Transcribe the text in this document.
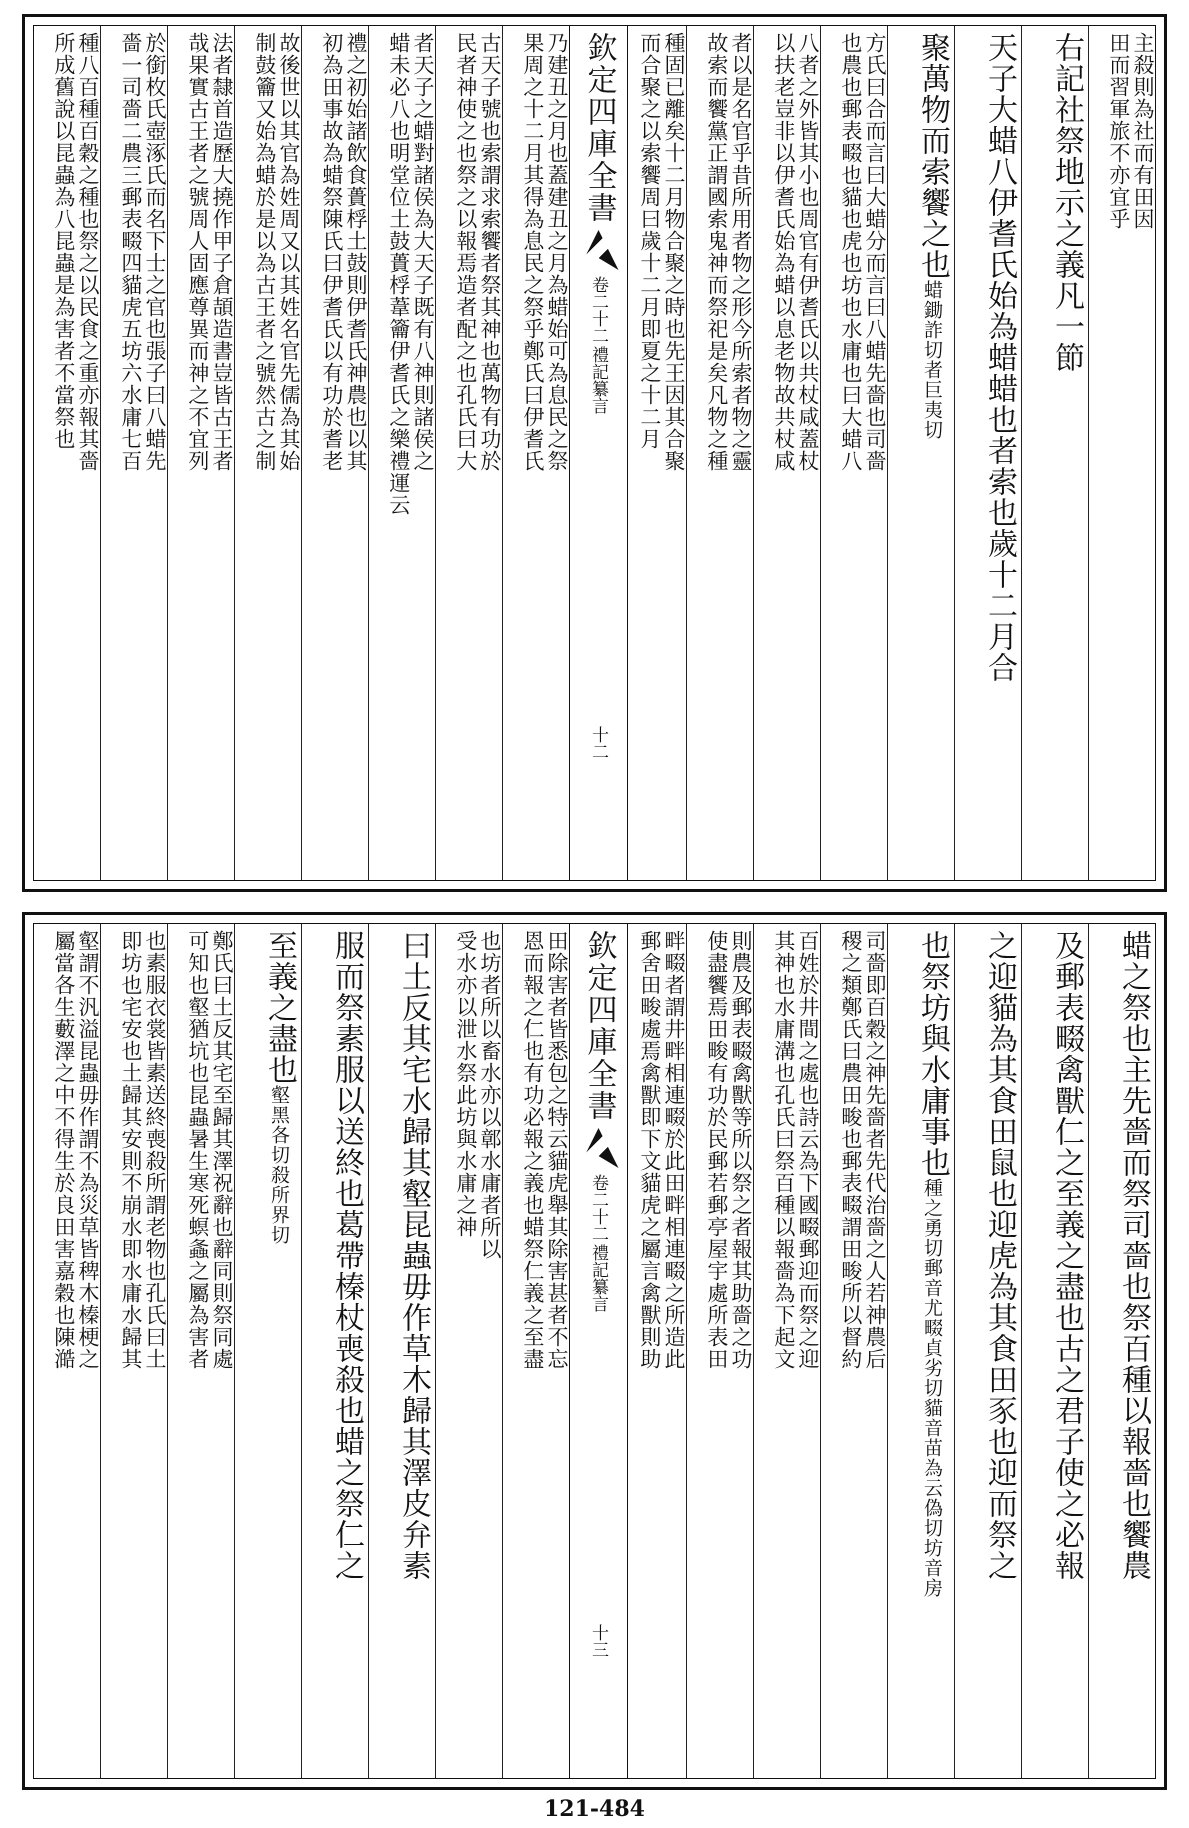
主殺則為社而有田因
田而習軍旅不亦宜乎
右記社祭地示之義凡一節
天子大蜡八伊耆氏始為蜡蜡也者索也歲十二月合
聚萬物而索饗之也蜡鋤詐切者巨夷切
方氏曰合而言曰大蜡分而言曰八蜡先嗇也司嗇
也農也郵表畷也貓也虎也坊也水庸也曰大蜡八
八者之外皆其小也周官有伊耆氏以共杖咸蓋杖
以扶老豈非以伊耆氏始為蜡以息老物故共杖咸
者以是名官乎昔所用者物之形今所索者物之靈
故索而饗黨正謂國索鬼神而祭祀是矣凡物之種
種固已離矣十二月物合聚之時也先王因其合聚
而合聚之以索饗周曰歲十二月即夏之十二月
欽定四庫全書
禮記纂言
卷二十二
十二
乃建丑之月也蓋建丑之月為蜡始可為息民之祭
果周之十二月其得為息民之祭乎鄭氏曰伊耆氏
古天子號也索謂求索饗者祭其神也萬物有功於
民者神使之也祭之以報焉造者配之也孔氏曰大
者天子之蜡對諸侯為大天子既有八神則諸侯之
蜡未必八也明堂位土鼓蕢桴葦籥伊耆氏之樂禮運云
禮之初始諸飲食蕢桴土鼓則伊耆氏神農也以其
初為田事故為蜡祭陳氏曰伊耆氏以有功於耆老
故後世以其官為姓周又以其姓名官先儒為其始
制鼓籥又始為蜡於是以為古王者之號然古之制
法者隸首造歷大撓作甲子倉頡造書豈皆古王者
哉果實古王者之號周人固應尊異而神之不宜列
於銜枚氏壺涿氏而名下士之官也張子曰八蜡先
嗇一司嗇二農三郵表畷四貓虎五坊六水庸七百
種八百種百穀之種也祭之以民食之重亦報其嗇
所成舊說以昆蟲為八昆蟲是為害者不當祭也
蜡之祭也主先嗇而祭司嗇也祭百種以報嗇也饗農
及郵表畷禽獸仁之至義之盡也古之君子使之必報
之迎貓為其食田鼠也迎虎為其食田豕也迎而祭之
也祭坊與水庸事也種之勇切郵音尤畷貞劣切貓音苗為云偽切坊音房
司嗇即百穀之神先嗇者先代治嗇之人若神農后
稷之類鄭氏曰農田畯也郵表畷謂田畯所以督約
百姓於井間之處也詩云為下國畷郵迎而祭之迎
其神也水庸溝也孔氏曰祭百種以報嗇為下起文
則農及郵表畷禽獸等所以祭之者報其助嗇之功
使盡饗焉田畯有功於民郵若郵亭屋宇處所表田
畔畷者謂井畔相連畷於此田畔相連畷之所造此
郵舍田畯處焉禽獸即下文貓虎之屬言禽獸則助
欽定四庫全書
禮記纂言
卷二十二
十三
田除害者皆悉包之特云貓虎舉其除害甚者不忘
恩而報之仁也有功必報之義也蜡祭仁義之至盡
也坊者所以畜水亦以鄣水庸者所以
受水亦以泄水祭此坊與水庸之神
曰土反其宅水歸其壑昆蟲毋作草木歸其澤皮弁素
服而祭素服以送終也葛帶榛杖喪殺也蜡之祭仁之
至義之盡也壑黑各切殺所界切
鄭氏曰土反其宅至歸其澤祝辭也辭同則祭同處
可知也壑猶坑也昆蟲暑生寒死螟螽之屬為害者
也素服衣裳皆素送終喪殺所謂老物也孔氏曰土
即坊也宅安也土歸其安則不崩水即水庸水歸其
壑謂不汎溢昆蟲毋作謂不為災草皆稗木榛梗之
屬當各生藪澤之中不得生於良田害嘉穀也陳澔
121-484
